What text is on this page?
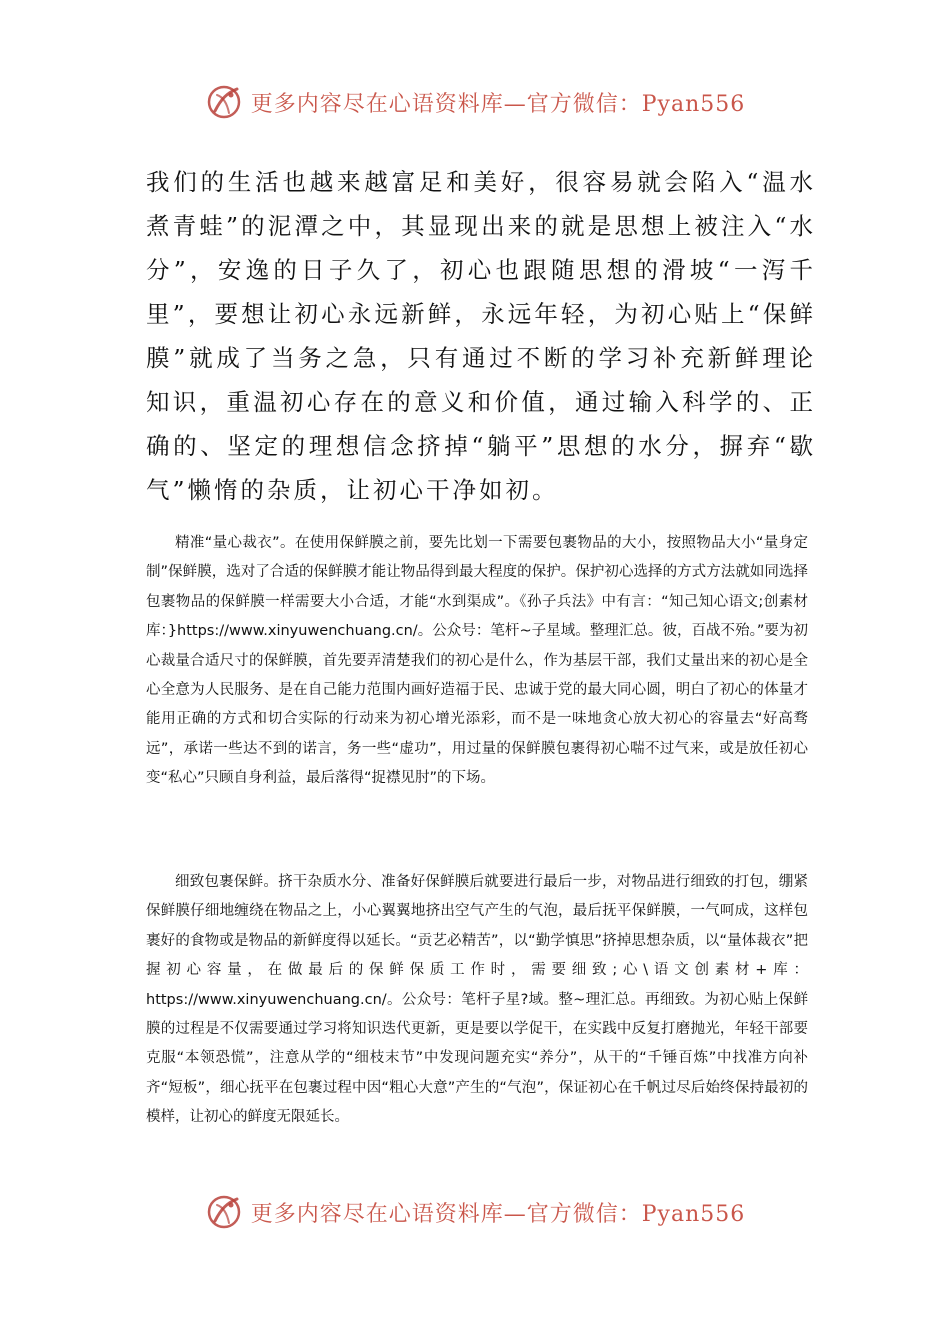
更多内容尽在心语资料库—官方微信：Pyan556

我们的生活也越来越富足和美好，很容易就会陷入“温水煮青蛙”的泥潭之中，其显现出来的就是思想上被注入“水分”，安逸的日子久了，初心也跟随思想的滑坡“一泻千里”，要想让初心永远新鲜，永远年轻，为初心贴上“保鲜膜”就成了当务之急，只有通过不断的学习补充新鲜理论知识，重温初心存在的意义和价值，通过输入科学的、正确的、坚定的理想信念挤掉“躺平”思想的水分，摒弃“歇气”懒惰的杂质，让初心干净如初。

精准“量心裁衣”。在使用保鲜膜之前，要先比划一下需要包裹物品的大小，按照物品大小“量身定制”保鲜膜，选对了合适的保鲜膜才能让物品得到最大程度的保护。保护初心选择的方式方法就如同选择包裹物品的保鲜膜一样需要大小合适，才能“水到渠成”。《孙子兵法》中有言：“知己知心语文;创素材库：}https://www.xinyuwenchuang.cn/。公众号：笔杆~子星域。整理汇总。彼，百战不殆。”要为初心裁量合适尺寸的保鲜膜，首先要弄清楚我们的初心是什么，作为基层干部，我们丈量出来的初心是全心全意为人民服务、是在自己能力范围内画好造福于民、忠诚于党的最大同心圆，明白了初心的体量才能用正确的方式和切合实际的行动来为初心增光添彩，而不是一味地贪心放大初心的容量去“好高骛远”，承诺一些达不到的诺言，务一些“虚功”，用过量的保鲜膜包裹得初心喘不过气来，或是放任初心变“私心”只顾自身利益，最后落得“捉襟见肘”的下场。

细致包裹保鲜。挤干杂质水分、准备好保鲜膜后就要进行最后一步，对物品进行细致的打包，绷紧保鲜膜仔细地缠绕在物品之上，小心翼翼地挤出空气产生的气泡，最后抚平保鲜膜，一气呵成，这样包裹好的食物或是物品的新鲜度得以延长。“贡艺必精苦”，以“勤学慎思”挤掉思想杂质，以“量体裁衣”把握初心容量，在做最后的保鲜保质工作时，需要细致;心\语文创素材+库：https://www.xinyuwenchuang.cn/。公众号：笔杆子星?域。整~理汇总。再细致。为初心贴上保鲜膜的过程是不仅需要通过学习将知识迭代更新，更是要以学促干，在实践中反复打磨抛光，年轻干部要克服“本领恐慌”，注意从学的“细枝末节”中发现问题充实“养分”，从干的“千锤百炼”中找准方向补齐“短板”，细心抚平在包裹过程中因“粗心大意”产生的“气泡”，保证初心在千帆过尽后始终保持最初的模样，让初心的鲜度无限延长。

更多内容尽在心语资料库—官方微信：Pyan556
